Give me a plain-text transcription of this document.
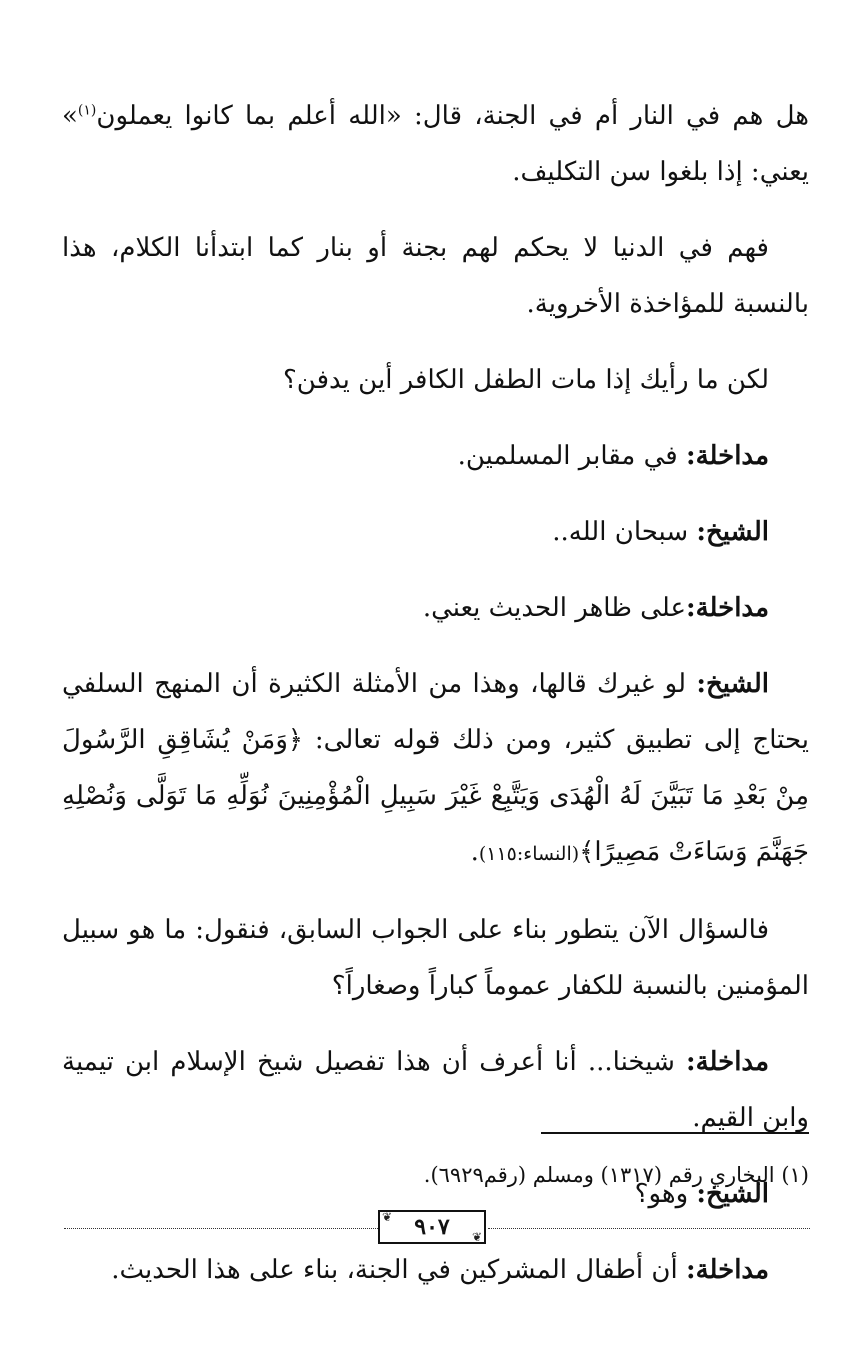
هل هم في النار أم في الجنة، قال: «الله أعلم بما كانوا يعملون$^{(١)}$» يعني: إذا بلغوا سن التكليف.

فهم في الدنيا لا يحكم لهم بجنة أو بنار كما ابتدأنا الكلام، هذا بالنسبة للمؤاخذة الأخروية.

لكن ما رأيك إذا مات الطفل الكافر أين يدفن؟

مداخلة: في مقابر المسلمين.

الشيخ: سبحان الله..

مداخلة:على ظاهر الحديث يعني.

الشيخ: لو غيرك قالها، وهذا من الأمثلة الكثيرة أن المنهج السلفي يحتاج إلى تطبيق كثير، ومن ذلك قوله تعالى: ﴿وَمَنْ يُشَاقِقِ الرَّسُولَ مِنْ بَعْدِ مَا تَبَيَّنَ لَهُ الْهُدَى وَيَتَّبِعْ غَيْرَ سَبِيلِ الْمُؤْمِنِينَ نُوَلِّهِ مَا تَوَلَّى وَنُصْلِهِ جَهَنَّمَ وَسَاءَتْ مَصِيرًا﴾(النساء:١١٥).

فالسؤال الآن يتطور بناء على الجواب السابق، فنقول: ما هو سبيل المؤمنين بالنسبة للكفار عموماً كباراً وصغاراً؟

مداخلة: شيخنا... أنا أعرف أن هذا تفصيل شيخ الإسلام ابن تيمية وابن القيم.

الشيخ: وهو؟

مداخلة: أن أطفال المشركين في الجنة، بناء على هذا الحديث.

(١) البخاري رقم (١٣١٧) ومسلم (رقم٦٩٢٩).

❦ ٩٠٧ ❦
